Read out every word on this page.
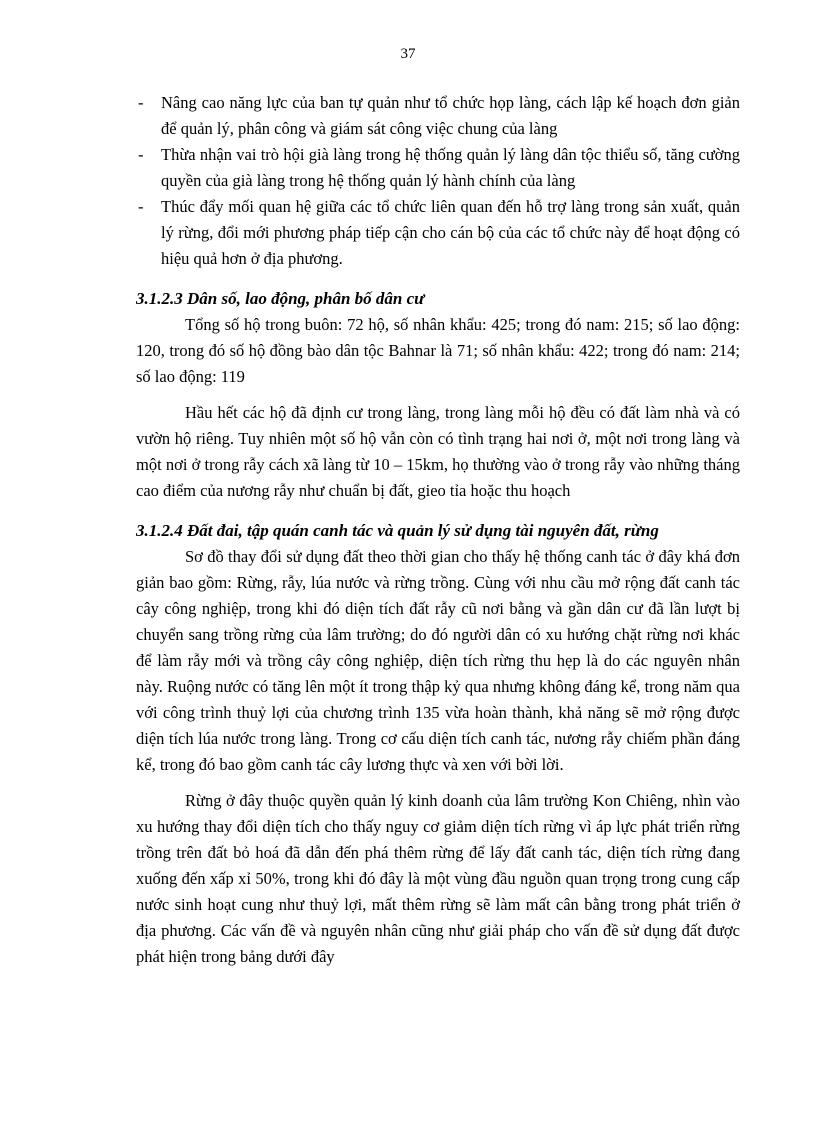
37
- Nâng cao năng lực của ban tự quản như tổ chức họp làng, cách lập kế hoạch đơn giản để quản lý, phân công và giám sát công việc chung của làng
- Thừa nhận vai trò hội già làng trong hệ thống quản lý làng dân tộc thiểu số, tăng cường quyền của già làng trong hệ thống quản lý hành chính của làng
- Thúc đẩy mối quan hệ giữa các tổ chức liên quan đến hỗ trợ làng trong sản xuất, quản lý rừng, đổi mới phương pháp tiếp cận cho cán bộ của các tổ chức này để hoạt động có hiệu quả hơn ở địa phương.
3.1.2.3 Dân số, lao động, phân bố dân cư

Tổng số hộ trong buôn: 72 hộ, số nhân khẩu: 425; trong đó nam: 215; số lao động: 120, trong đó số hộ đồng bào dân tộc Bahnar là 71; số nhân khẩu: 422; trong đó nam: 214; số lao động: 119

Hầu hết các hộ đã định cư trong làng, trong làng mỗi hộ đều có đất làm nhà và có vườn hộ riêng. Tuy nhiên một số hộ vẫn còn có tình trạng hai nơi ở, một nơi trong làng và một nơi ở trong rẫy cách xã làng từ 10 – 15km, họ thường vào ở trong rẫy vào những tháng cao điểm của nương rẫy như chuẩn bị đất, gieo tỉa hoặc thu hoạch

3.1.2.4 Đất đai, tập quán canh tác và quản lý sử dụng tài nguyên đất, rừng

Sơ đồ thay đổi sử dụng đất theo thời gian cho thấy hệ thống canh tác ở đây khá đơn giản bao gồm: Rừng, rẫy, lúa nước và rừng trồng. Cùng với nhu cầu mở rộng đất canh tác cây công nghiệp, trong khi đó diện tích đất rẫy cũ nơi bằng và gần dân cư đã lần lượt bị chuyển sang trồng rừng của lâm trường; do đó người dân có xu hướng chặt rừng nơi khác để làm rẫy mới và trồng cây công nghiệp, diện tích rừng thu hẹp là do các nguyên nhân này. Ruộng nước có tăng lên một ít trong thập kỷ qua nhưng không đáng kể, trong năm qua với công trình thuỷ lợi của chương trình 135 vừa hoàn thành, khả năng sẽ mở rộng được diện tích lúa nước trong làng. Trong cơ cấu diện tích canh tác, nương rẫy chiếm phần đáng kể, trong đó bao gồm canh tác cây lương thực và xen với bời lời.

Rừng ở đây thuộc quyền quản lý kinh doanh của lâm trường Kon Chiêng, nhìn vào xu hướng thay đổi diện tích cho thấy nguy cơ giảm diện tích rừng vì áp lực phát triển rừng trồng trên đất bỏ hoá đã dẫn đến phá thêm rừng để lấy đất canh tác, diện tích rừng đang xuống đến xấp xỉ 50%, trong khi đó đây là một vùng đầu nguồn quan trọng trong cung cấp nước sinh hoạt cung như thuỷ lợi, mất thêm rừng sẽ làm mất cân bằng trong phát triển ở địa phương. Các vấn đề và nguyên nhân cũng như giải pháp cho vấn đề sử dụng đất được phát hiện trong bảng dưới đây
